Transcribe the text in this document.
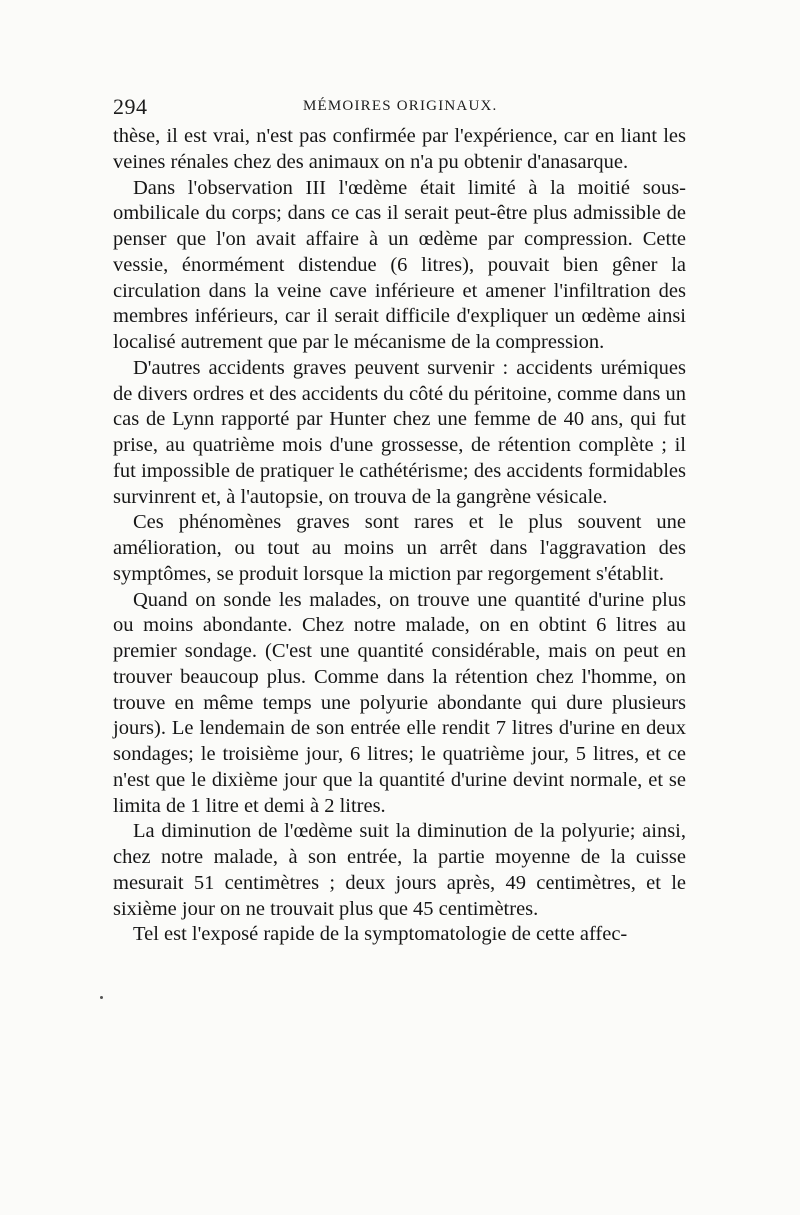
294	MÉMOIRES ORIGINAUX.

thèse, il est vrai, n'est pas confirmée par l'expérience, car en liant les veines rénales chez des animaux on n'a pu obtenir d'anasarque.

Dans l'observation III l'œdème était limité à la moitié sous-ombilicale du corps; dans ce cas il serait peut-être plus admissible de penser que l'on avait affaire à un œdème par compression. Cette vessie, énormément distendue (6 litres), pouvait bien gêner la circulation dans la veine cave inférieure et amener l'infiltration des membres inférieurs, car il serait difficile d'expliquer un œdème ainsi localisé autrement que par le mécanisme de la compression.

D'autres accidents graves peuvent survenir : accidents urémiques de divers ordres et des accidents du côté du péritoine, comme dans un cas de Lynn rapporté par Hunter chez une femme de 40 ans, qui fut prise, au quatrième mois d'une grossesse, de rétention complète ; il fut impossible de pratiquer le cathétérisme; des accidents formidables survinrent et, à l'autopsie, on trouva de la gangrène vésicale.

Ces phénomènes graves sont rares et le plus souvent une amélioration, ou tout au moins un arrêt dans l'aggravation des symptômes, se produit lorsque la miction par regorgement s'établit.

Quand on sonde les malades, on trouve une quantité d'urine plus ou moins abondante. Chez notre malade, on en obtint 6 litres au premier sondage. (C'est une quantité considérable, mais on peut en trouver beaucoup plus. Comme dans la rétention chez l'homme, on trouve en même temps une polyurie abondante qui dure plusieurs jours). Le lendemain de son entrée elle rendit 7 litres d'urine en deux sondages; le troisième jour, 6 litres; le quatrième jour, 5 litres, et ce n'est que le dixième jour que la quantité d'urine devint normale, et se limita de 1 litre et demi à 2 litres.

La diminution de l'œdème suit la diminution de la polyurie; ainsi, chez notre malade, à son entrée, la partie moyenne de la cuisse mesurait 51 centimètres ; deux jours après, 49 centimètres, et le sixième jour on ne trouvait plus que 45 centimètres.

Tel est l'exposé rapide de la symptomatologie de cette affec-
